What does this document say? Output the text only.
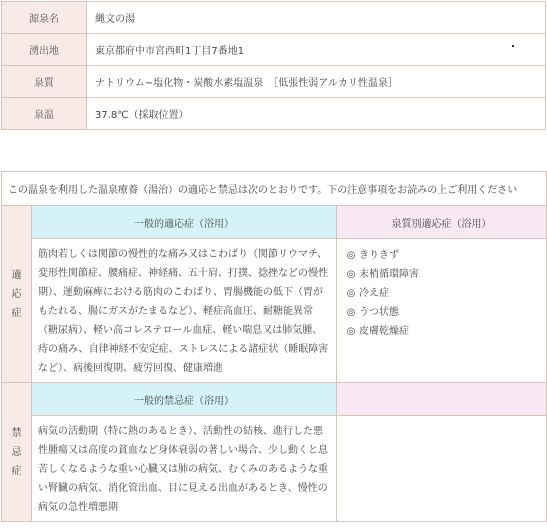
源泉名	縄文の湯
湧出地	東京都府中市宮西町1丁目7番地1
泉質	ナトリウム−塩化物・炭酸水素塩温泉　［低張性弱アルカリ性温泉］
泉温	37.8℃（採取位置）
この温泉を利用した温泉療養（湯治）の適応と禁忌は次のとおりです。下の注意事項をお読みの上ご利用ください		
適
応
症	一般的適応症（浴用）	泉質別適応症（浴用）
	筋肉若しくは関節の慢性的な痛み又はこわばり（関節リウマチ、変形性関節症、腰痛症、神経痛、五十肩、打撲、捻挫などの慢性期）、運動麻痺における筋肉のこわばり、胃腸機能の低下（胃がもたれる、腸にガスがたまるなど）、軽症高血圧、耐糖能異常（糖尿病）、軽い高コレステロール血症、軽い喘息又は肺気腫、痔の痛み、自律神経不安定症、ストレスによる諸症状（睡眠障害など）、病後回復期、疲労回復、健康増進	◎ きりきず
◎ 末梢循環障害
◎ 冷え症
◎ うつ状態
◎ 皮膚乾燥症

禁
忌
症	一般的禁忌症（浴用）	
	病気の活動期（特に熱のあるとき）、活動性の結核、進行した悪性腫瘍又は高度の貧血など身体衰弱の著しい場合、少し動くと息苦しくなるような重い心臓又は肺の病気、むくみのあるような重い腎臓の病気、消化管出血、目に見える出血があるとき、慢性の病気の急性増悪期	
